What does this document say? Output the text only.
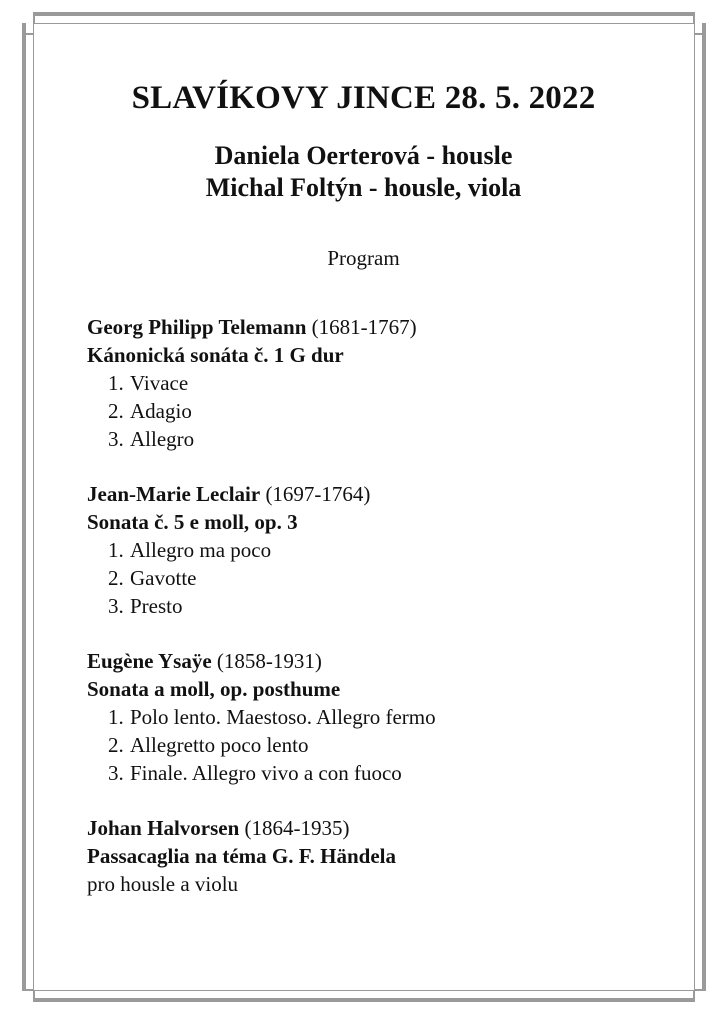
SLAVÍKOVY JINCE 28. 5. 2022
Daniela Oerterová - housle
Michal Foltýn - housle, viola
Program
Georg Philipp Telemann (1681-1767)
Kánonická sonáta č. 1 G dur
1. Vivace
2. Adagio
3. Allegro
Jean-Marie Leclair (1697-1764)
Sonata č. 5 e moll, op. 3
1. Allegro ma poco
2. Gavotte
3. Presto
Eugène Ysaÿe (1858-1931)
Sonata a moll, op. posthume
1. Polo lento. Maestoso. Allegro fermo
2. Allegretto poco lento
3. Finale. Allegro vivo a con fuoco
Johan Halvorsen (1864-1935)
Passacaglia na téma G. F. Händela
pro housle a violu
